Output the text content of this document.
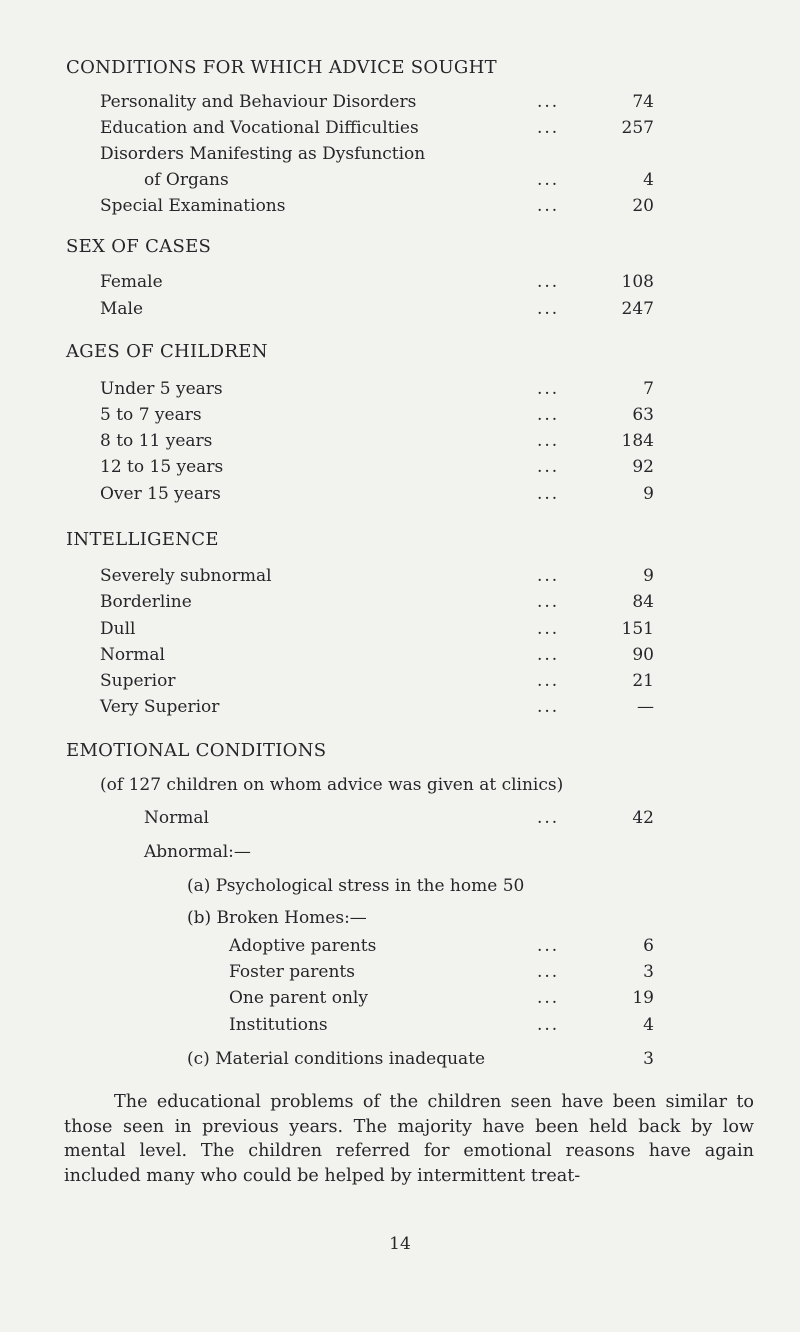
CONDITIONS FOR WHICH ADVICE SOUGHT
Personality and Behaviour Disorders	...	74
Education and Vocational Difficulties	...	257
Disorders Manifesting as Dysfunction
of Organs	...	4
Special Examinations	...	20
SEX OF CASES
Female	...	108
Male	...	247
AGES OF CHILDREN
Under 5 years	...	7
5 to 7 years	...	63
8 to 11 years	...	184
12 to 15 years	...	92
Over 15 years	...	9
INTELLIGENCE
Severely subnormal	...	9
Borderline	...	84
Dull	...	151
Normal	...	90
Superior	...	21
Very Superior	...	—
EMOTIONAL CONDITIONS
(of 127 children on whom advice was given at clinics)
Normal	...	42
Abnormal:—
(a) Psychological stress in the home 50
(b) Broken Homes:—
Adoptive parents	...	6
Foster parents	...	3
One parent only	...	19
Institutions	...	4
(c) Material conditions inadequate	3
The educational problems of the children seen have been similar to those seen in previous years. The majority have been held back by low mental level. The children referred for emotional reasons have again included many who could be helped by intermittent treat-
14
